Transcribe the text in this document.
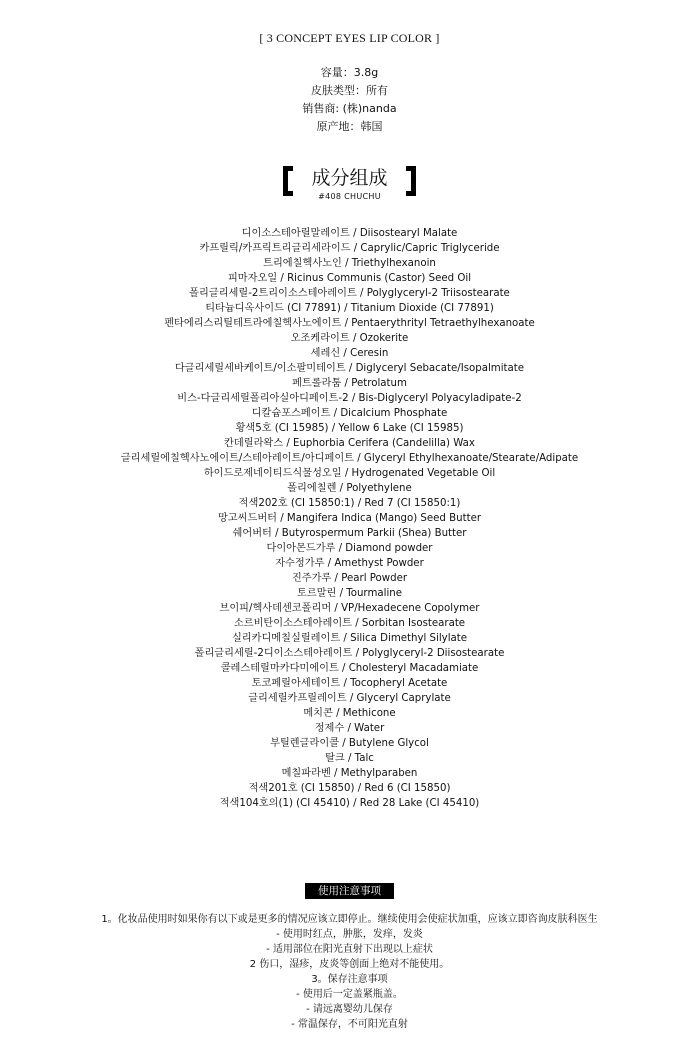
[ 3 CONCEPT EYES LIP COLOR ]
容量：3.8g
皮肤类型：所有
销售商: (株)nanda
原产地：韩国
成分组成
#408 CHUCHU
디이소스테아릴말레이트 / Diisostearyl Malate
카프릴릭/카프릭트리글리세라이드 / Caprylic/Capric Triglyceride
트리에칠헥사노인 / Triethylhexanoin
피마자오일 / Ricinus Communis (Castor) Seed Oil
폴리글리세릴-2트리이소스테아레이트 / Polyglyceryl-2 Triisostearate
티타늄디옥사이드 (CI 77891) / Titanium Dioxide (CI 77891)
펜타에리스리틸테트라에칠헥사노에이트 / Pentaerythrityl Tetraethylhexanoate
오조케라이트 / Ozokerite
세레신 / Ceresin
다글리세릴세바케이트/이소팔미테이트 / Diglyceryl Sebacate/Isopalmitate
페트롤라툼 / Petrolatum
비스-다글리세릴폴리아실아디페이트-2 / Bis-Diglyceryl Polyacyladipate-2
디칼슘포스페이트 / Dicalcium Phosphate
황색5호 (CI 15985) / Yellow 6 Lake (CI 15985)
칸데릴라왁스 / Euphorbia Cerifera (Candelilla) Wax
글리세릴에칠헥사노에이트/스테아레이트/아디페이트 / Glyceryl Ethylhexanoate/Stearate/Adipate
하이드로제네이티드식물성오일 / Hydrogenated Vegetable Oil
폴리에칠렌 / Polyethylene
적색202호 (CI 15850:1) / Red 7 (CI 15850:1)
망고씨드버터 / Mangifera Indica (Mango) Seed Butter
쉐어버터 / Butyrospermum Parkii (Shea) Butter
다이아몬드가루 / Diamond powder
자수정가루 / Amethyst Powder
진주가루 / Pearl Powder
토르말린 / Tourmaline
브이피/헥사데센코폴리머 / VP/Hexadecene Copolymer
소르비탄이소스테아레이트 / Sorbitan Isostearate
실리카디메칠실릴레이트 / Silica Dimethyl Silylate
폴리글리세릴-2디이소스테아레이트 / Polyglyceryl-2 Diisostearate
콜레스테릴마카다미에이트 / Cholesteryl Macadamiate
토코페릴아세테이트 / Tocopheryl Acetate
글리세릴카프릴레이트 / Glyceryl Caprylate
메치콘 / Methicone
정제수 / Water
부틸렌글라이콜 / Butylene Glycol
탈크 / Talc
메칠파라벤 / Methylparaben
적색201호 (CI 15850) / Red 6 (CI 15850)
적색104호의(1) (CI 45410) / Red 28 Lake (CI 45410)
使用注意事项
1。化妆品使用时如果你有以下或是更多的情况应该立即停止。继续使用会使症状加重，应该立即咨询皮肤科医生
- 使用时红点，肿胀，发痒，发炎
- 适用部位在阳光直射下出现以上症状
2 伤口，湿疹，皮炎等创面上绝对不能使用。
3。保存注意事项
- 使用后一定盖紧瓶盖。
- 请远离婴幼儿保存
- 常温保存，不可阳光直射
